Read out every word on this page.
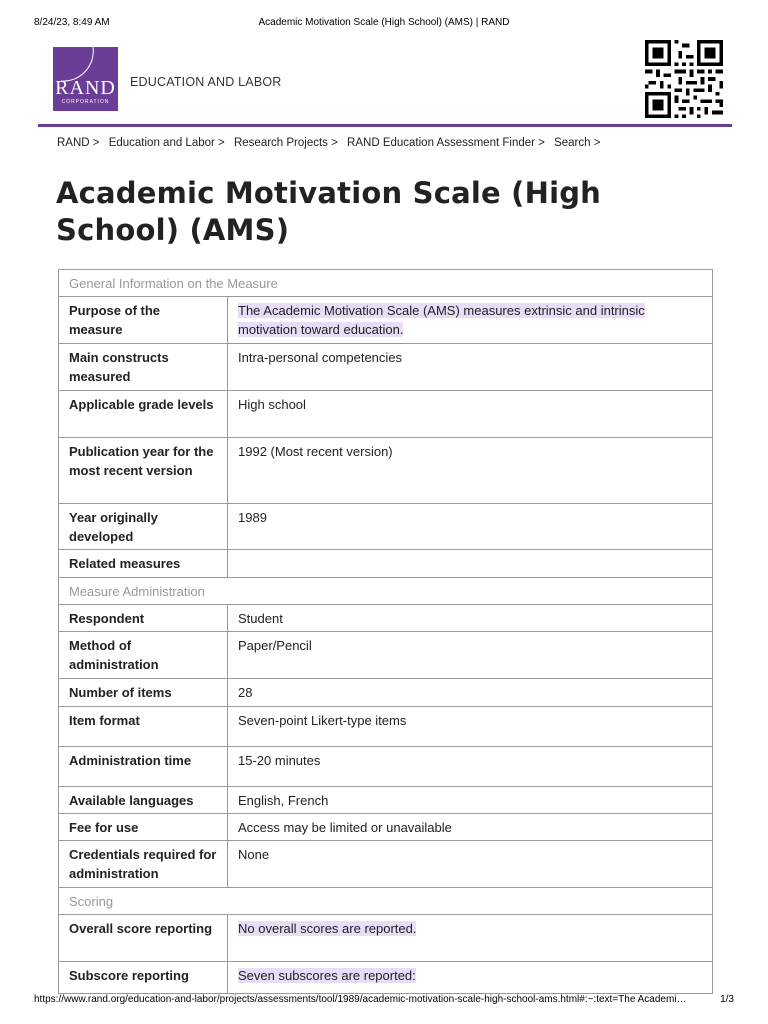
8/24/23, 8:49 AM	Academic Motivation Scale (High School) (AMS) | RAND
RAND
CORPORATION
EDUCATION AND LABOR
RAND > Education and Labor > Research Projects > RAND Education Assessment Finder > Search >
Academic Motivation Scale (High School) (AMS)
General Information on the Measure	
Purpose of the measure	The Academic Motivation Scale (AMS) measures extrinsic and intrinsic motivation toward education.
Main constructs measured	Intra-personal competencies
Applicable grade levels	High school
Publication year for the most recent version	1992 (Most recent version)
Year originally developed	1989
Related measures	
Measure Administration	
Respondent	Student
Method of administration	Paper/Pencil
Number of items	28
Item format	Seven-point Likert-type items
Administration time	15-20 minutes
Available languages	English, French
Fee for use	Access may be limited or unavailable
Credentials required for administration	None
Scoring	
Overall score reporting	No overall scores are reported.
Subscore reporting	Seven subscores are reported:
https://www.rand.org/education-and-labor/projects/assessments/tool/1989/academic-motivation-scale-high-school-ams.html#:~:text=The Academi…	1/3
